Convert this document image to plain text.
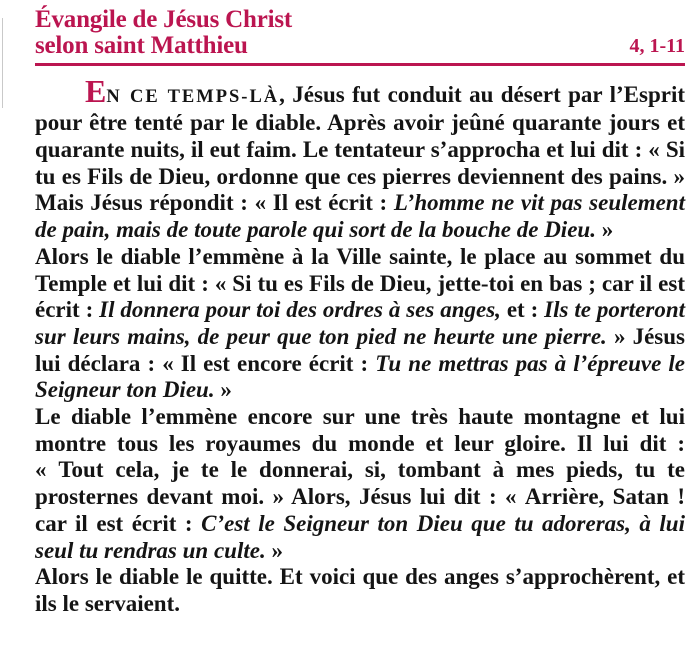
Évangile de Jésus Christ
selon saint Matthieu	4, 1-11

EN CE TEMPS-LÀ, Jésus fut conduit au désert par l’Esprit pour être tenté par le diable. Après avoir jeûné quarante jours et quarante nuits, il eut faim. Le tentateur s’approcha et lui dit : « Si tu es Fils de Dieu, ordonne que ces pierres deviennent des pains. » Mais Jésus répondit : « Il est écrit : L’homme ne vit pas seulement de pain, mais de toute parole qui sort de la bouche de Dieu. »

Alors le diable l’emmène à la Ville sainte, le place au sommet du Temple et lui dit : « Si tu es Fils de Dieu, jette-toi en bas ; car il est écrit : Il donnera pour toi des ordres à ses anges, et : Ils te porteront sur leurs mains, de peur que ton pied ne heurte une pierre. » Jésus lui déclara : « Il est encore écrit : Tu ne mettras pas à l’épreuve le Seigneur ton Dieu. »

Le diable l’emmène encore sur une très haute montagne et lui montre tous les royaumes du monde et leur gloire. Il lui dit : « Tout cela, je te le donnerai, si, tombant à mes pieds, tu te prosternes devant moi. » Alors, Jésus lui dit : « Arrière, Satan ! car il est écrit : C’est le Seigneur ton Dieu que tu adoreras, à lui seul tu rendras un culte. »

Alors le diable le quitte. Et voici que des anges s’approchèrent, et ils le servaient.
